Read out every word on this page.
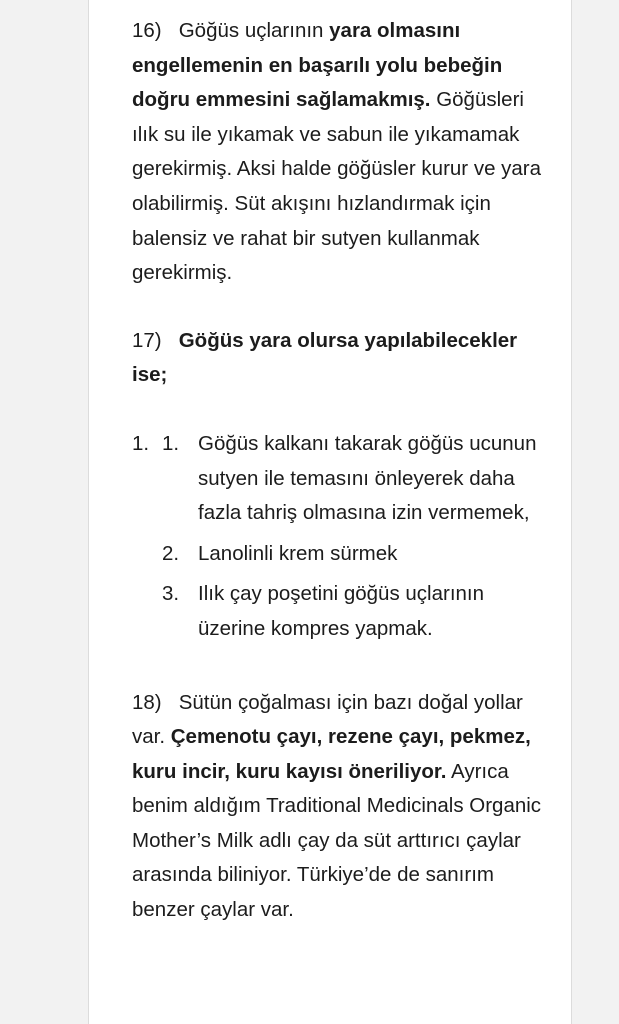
16) Göğüs uçlarının yara olmasını engellemenin en başarılı yolu bebeğin doğru emmesini sağlamakmış. Göğüsleri ılık su ile yıkamak ve sabun ile yıkamamak gerekirmiş. Aksi halde göğüsler kurur ve yara olabilirmiş. Süt akışını hızlandırmak için balensiz ve rahat bir sutyen kullanmak gerekirmiş.

17) Göğüs yara olursa yapılabilecekler ise;

1. 1. Göğüs kalkanı takarak göğüs ucunun sutyen ile temasını önleyerek daha fazla tahriş olmasına izin vermemek,
2. Lanolinli krem sürmek
3. Ilık çay poşetini göğüs uçlarının üzerine kompres yapmak.

18) Sütün çoğalması için bazı doğal yollar var. Çemenotu çayı, rezene çayı, pekmez, kuru incir, kuru kayısı öneriliyor. Ayrıca benim aldığım Traditional Medicinals Organic Mother’s Milk adlı çay da süt arttırıcı çaylar arasında biliniyor. Türkiye’de de sanırım benzer çaylar var.
